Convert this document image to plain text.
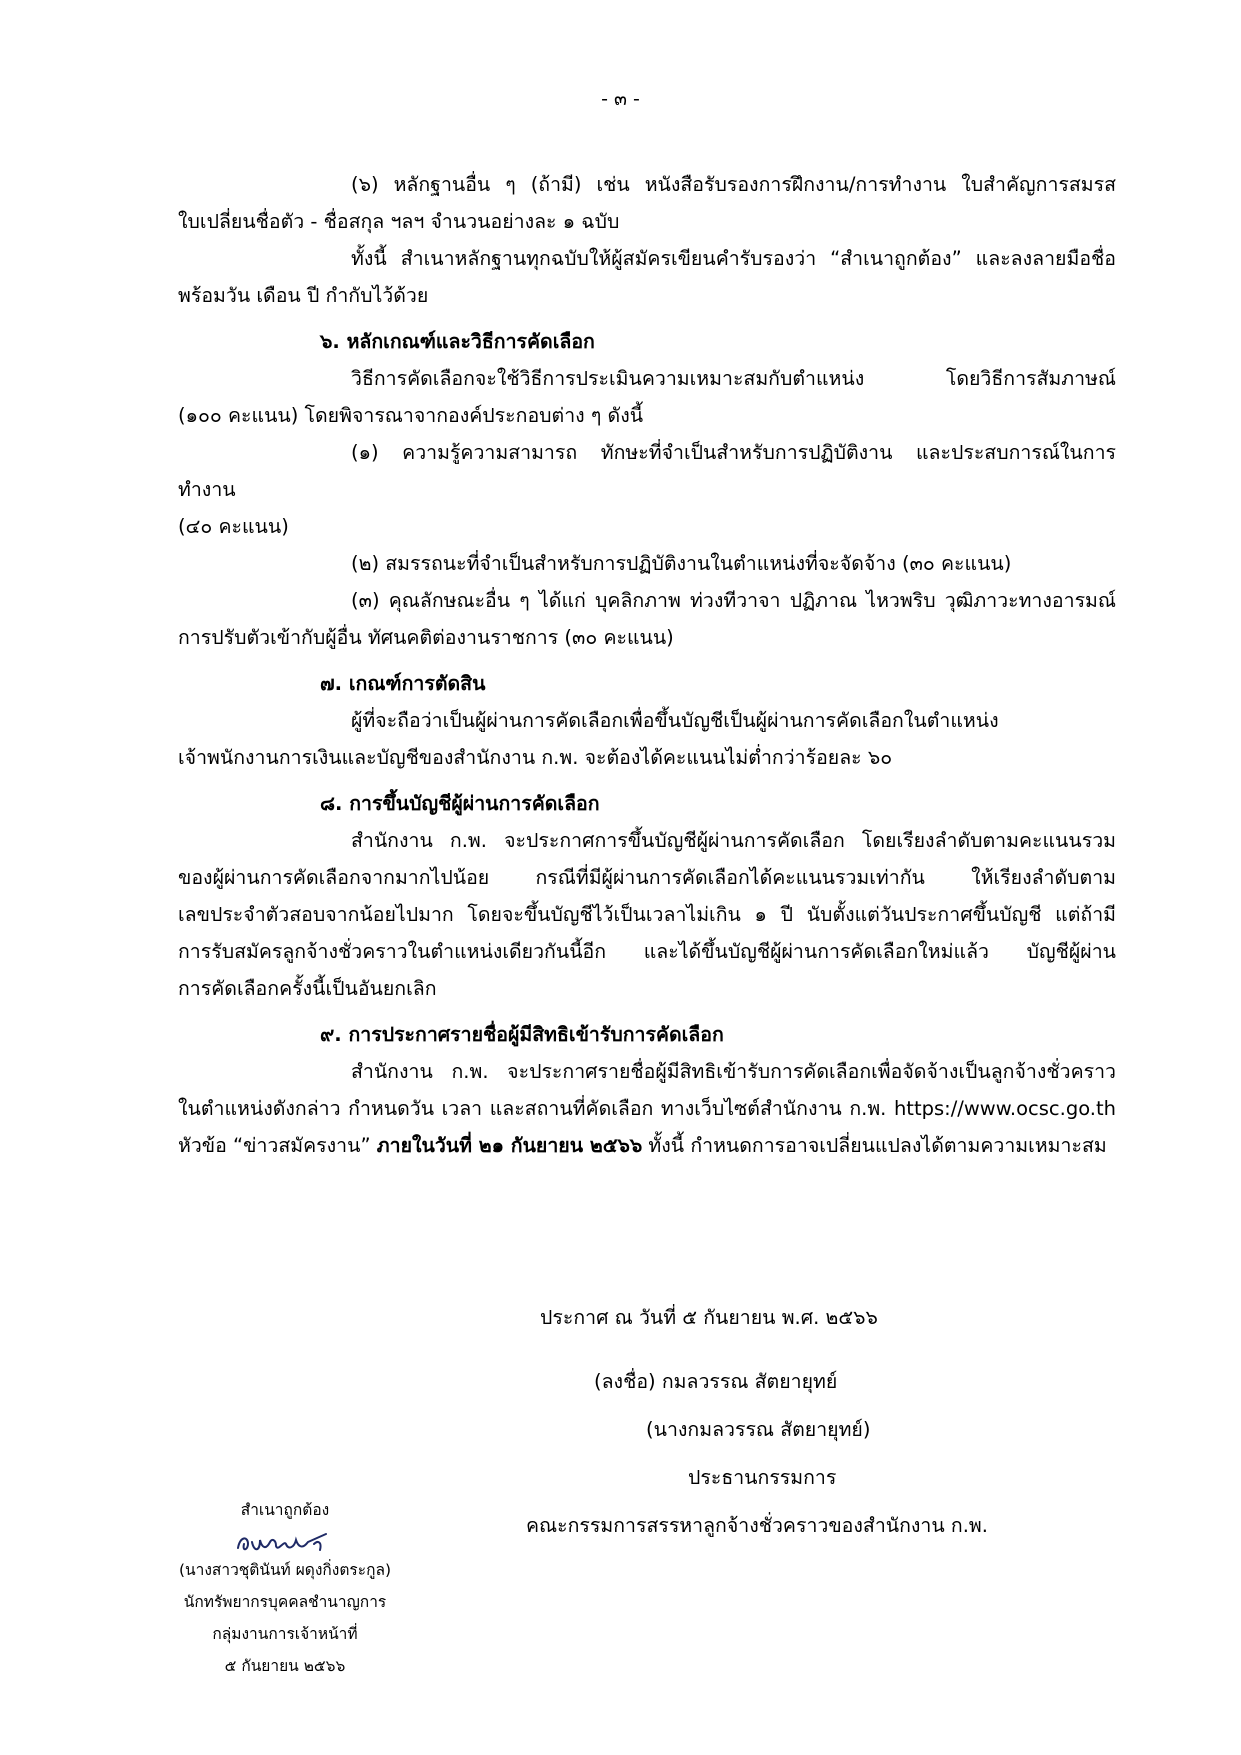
- ๓ -

(๖) หลักฐานอื่น ๆ (ถ้ามี) เช่น หนังสือรับรองการฝึกงาน/การทำงาน ใบสำคัญการสมรส

ใบเปลี่ยนชื่อตัว - ชื่อสกุล ฯลฯ จำนวนอย่างละ ๑ ฉบับ

ทั้งนี้ สำเนาหลักฐานทุกฉบับให้ผู้สมัครเขียนคำรับรองว่า “สำเนาถูกต้อง” และลงลายมือชื่อ

พร้อมวัน เดือน ปี กำกับไว้ด้วย

๖. หลักเกณฑ์และวิธีการคัดเลือก

วิธีการคัดเลือกจะใช้วิธีการประเมินความเหมาะสมกับตำแหน่ง โดยวิธีการสัมภาษณ์

(๑๐๐ คะแนน) โดยพิจารณาจากองค์ประกอบต่าง ๆ ดังนี้

(๑) ความรู้ความสามารถ ทักษะที่จำเป็นสำหรับการปฏิบัติงาน และประสบการณ์ในการทำงาน

(๔๐ คะแนน)

(๒) สมรรถนะที่จำเป็นสำหรับการปฏิบัติงานในตำแหน่งที่จะจัดจ้าง (๓๐ คะแนน)

(๓) คุณลักษณะอื่น ๆ ได้แก่ บุคลิกภาพ ท่วงทีวาจา ปฏิภาณ ไหวพริบ วุฒิภาวะทางอารมณ์

การปรับตัวเข้ากับผู้อื่น ทัศนคติต่องานราชการ (๓๐ คะแนน)

๗. เกณฑ์การตัดสิน

ผู้ที่จะถือว่าเป็นผู้ผ่านการคัดเลือกเพื่อขึ้นบัญชีเป็นผู้ผ่านการคัดเลือกในตำแหน่ง

เจ้าพนักงานการเงินและบัญชีของสำนักงาน ก.พ. จะต้องได้คะแนนไม่ต่ำกว่าร้อยละ ๖๐

๘. การขึ้นบัญชีผู้ผ่านการคัดเลือก

สำนักงาน ก.พ. จะประกาศการขึ้นบัญชีผู้ผ่านการคัดเลือก โดยเรียงลำดับตามคะแนนรวม

ของผู้ผ่านการคัดเลือกจากมากไปน้อย กรณีที่มีผู้ผ่านการคัดเลือกได้คะแนนรวมเท่ากัน ให้เรียงลำดับตาม

เลขประจำตัวสอบจากน้อยไปมาก โดยจะขึ้นบัญชีไว้เป็นเวลาไม่เกิน ๑ ปี นับตั้งแต่วันประกาศขึ้นบัญชี แต่ถ้ามี

การรับสมัครลูกจ้างชั่วคราวในตำแหน่งเดียวกันนี้อีก และได้ขึ้นบัญชีผู้ผ่านการคัดเลือกใหม่แล้ว บัญชีผู้ผ่าน

การคัดเลือกครั้งนี้เป็นอันยกเลิก

๙. การประกาศรายชื่อผู้มีสิทธิเข้ารับการคัดเลือก

สำนักงาน ก.พ. จะประกาศรายชื่อผู้มีสิทธิเข้ารับการคัดเลือกเพื่อจัดจ้างเป็นลูกจ้างชั่วคราว

ในตำแหน่งดังกล่าว กำหนดวัน เวลา และสถานที่คัดเลือก ทางเว็บไซต์สำนักงาน ก.พ. https://www.ocsc.go.th

หัวข้อ “ข่าวสมัครงาน” ภายในวันที่ ๒๑ กันยายน ๒๕๖๖ ทั้งนี้ กำหนดการอาจเปลี่ยนแปลงได้ตามความเหมาะสม

ประกาศ ณ วันที่ ๕ กันยายน พ.ศ. ๒๕๖๖
(ลงชื่อ) กมลวรรณ สัตยายุทย์
(นางกมลวรรณ สัตยายุทย์)
ประธานกรรมการ
คณะกรรมการสรรหาลูกจ้างชั่วคราวของสำนักงาน ก.พ.
สำเนาถูกต้อง
(นางสาวชุตินันท์ ผดุงกิ่งตระกูล)
นักทรัพยากรบุคคลชำนาญการ
กลุ่มงานการเจ้าหน้าที่
๕ กันยายน ๒๕๖๖
